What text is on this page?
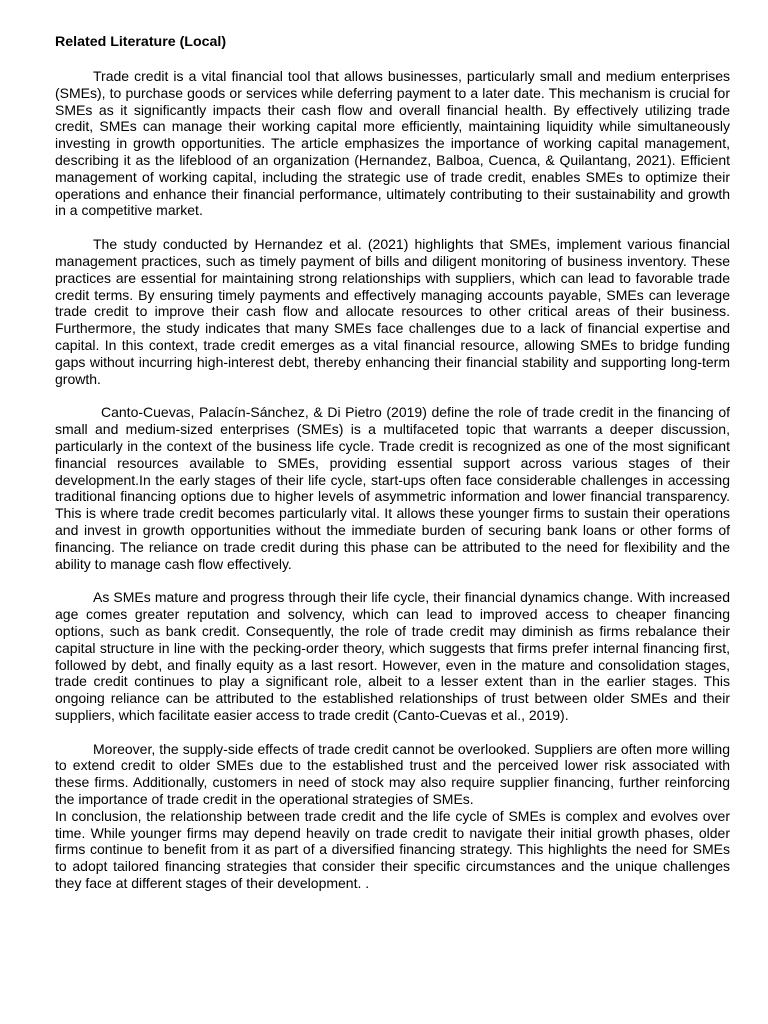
Related Literature (Local)

Trade credit is a vital financial tool that allows businesses, particularly small and medium enterprises (SMEs), to purchase goods or services while deferring payment to a later date. This mechanism is crucial for SMEs as it significantly impacts their cash flow and overall financial health. By effectively utilizing trade credit, SMEs can manage their working capital more efficiently, maintaining liquidity while simultaneously investing in growth opportunities. The article emphasizes the importance of working capital management, describing it as the lifeblood of an organization (Hernandez, Balboa, Cuenca, & Quilantang, 2021). Efficient management of working capital, including the strategic use of trade credit, enables SMEs to optimize their operations and enhance their financial performance, ultimately contributing to their sustainability and growth in a competitive market.

The study conducted by Hernandez et al. (2021) highlights that SMEs, implement various financial management practices, such as timely payment of bills and diligent monitoring of business inventory. These practices are essential for maintaining strong relationships with suppliers, which can lead to favorable trade credit terms. By ensuring timely payments and effectively managing accounts payable, SMEs can leverage trade credit to improve their cash flow and allocate resources to other critical areas of their business. Furthermore, the study indicates that many SMEs face challenges due to a lack of financial expertise and capital. In this context, trade credit emerges as a vital financial resource, allowing SMEs to bridge funding gaps without incurring high-interest debt, thereby enhancing their financial stability and supporting long-term growth.

Canto-Cuevas, Palacín-Sánchez, & Di Pietro (2019) define the role of trade credit in the financing of small and medium-sized enterprises (SMEs) is a multifaceted topic that warrants a deeper discussion, particularly in the context of the business life cycle. Trade credit is recognized as one of the most significant financial resources available to SMEs, providing essential support across various stages of their development.In the early stages of their life cycle, start-ups often face considerable challenges in accessing traditional financing options due to higher levels of asymmetric information and lower financial transparency. This is where trade credit becomes particularly vital. It allows these younger firms to sustain their operations and invest in growth opportunities without the immediate burden of securing bank loans or other forms of financing. The reliance on trade credit during this phase can be attributed to the need for flexibility and the ability to manage cash flow effectively.

As SMEs mature and progress through their life cycle, their financial dynamics change. With increased age comes greater reputation and solvency, which can lead to improved access to cheaper financing options, such as bank credit. Consequently, the role of trade credit may diminish as firms rebalance their capital structure in line with the pecking-order theory, which suggests that firms prefer internal financing first, followed by debt, and finally equity as a last resort. However, even in the mature and consolidation stages, trade credit continues to play a significant role, albeit to a lesser extent than in the earlier stages. This ongoing reliance can be attributed to the established relationships of trust between older SMEs and their suppliers, which facilitate easier access to trade credit (Canto-Cuevas et al., 2019).

Moreover, the supply-side effects of trade credit cannot be overlooked. Suppliers are often more willing to extend credit to older SMEs due to the established trust and the perceived lower risk associated with these firms. Additionally, customers in need of stock may also require supplier financing, further reinforcing the importance of trade credit in the operational strategies of SMEs.

In conclusion, the relationship between trade credit and the life cycle of SMEs is complex and evolves over time. While younger firms may depend heavily on trade credit to navigate their initial growth phases, older firms continue to benefit from it as part of a diversified financing strategy. This highlights the need for SMEs to adopt tailored financing strategies that consider their specific circumstances and the unique challenges they face at different stages of their development. .
